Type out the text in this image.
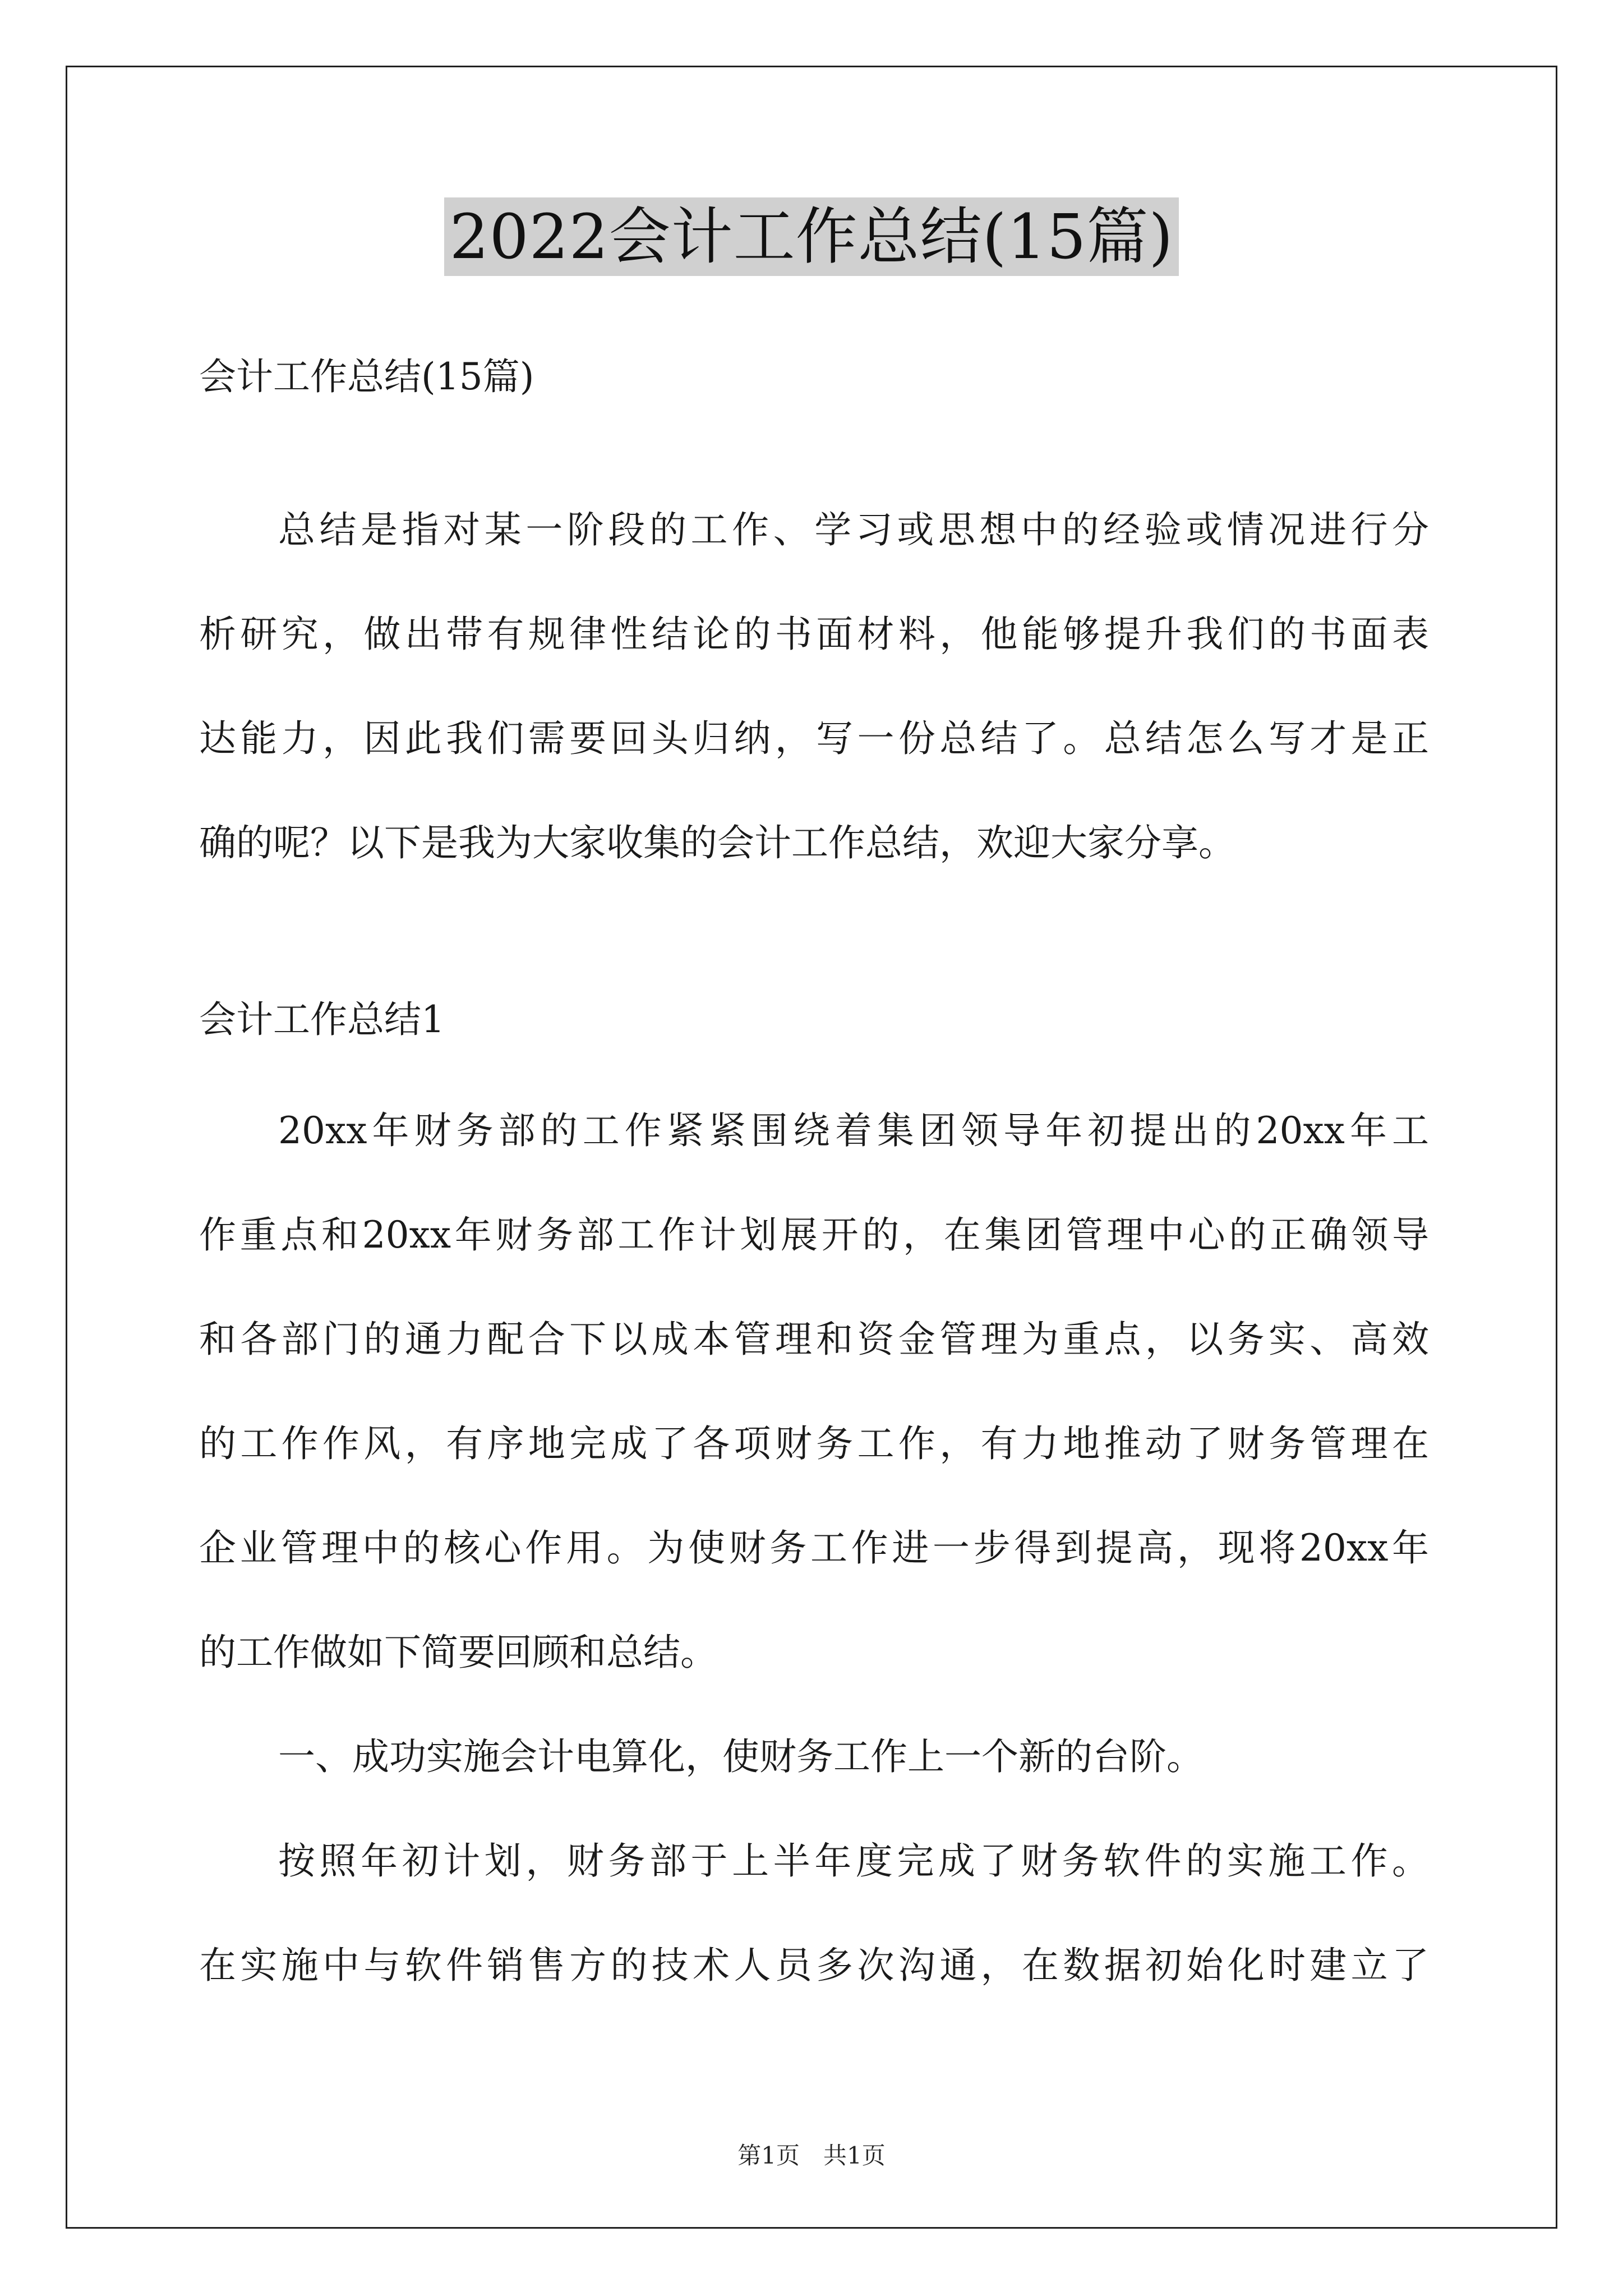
2022会计工作总结(15篇)
会计工作总结(15篇)
总结是指对某一阶段的工作、学习或思想中的经验或情况进行分
析研究，做出带有规律性结论的书面材料，他能够提升我们的书面表
达能力，因此我们需要回头归纳，写一份总结了。总结怎么写才是正
确的呢？以下是我为大家收集的会计工作总结，欢迎大家分享。
会计工作总结1
20xx年财务部的工作紧紧围绕着集团领导年初提出的20xx年工
作重点和20xx年财务部工作计划展开的，在集团管理中心的正确领导
和各部门的通力配合下以成本管理和资金管理为重点，以务实、高效
的工作作风，有序地完成了各项财务工作，有力地推动了财务管理在
企业管理中的核心作用。为使财务工作进一步得到提高，现将20xx年
的工作做如下简要回顾和总结。
一、成功实施会计电算化，使财务工作上一个新的台阶。
按照年初计划，财务部于上半年度完成了财务软件的实施工作。
在实施中与软件销售方的技术人员多次沟通，在数据初始化时建立了
第1页　共1页
